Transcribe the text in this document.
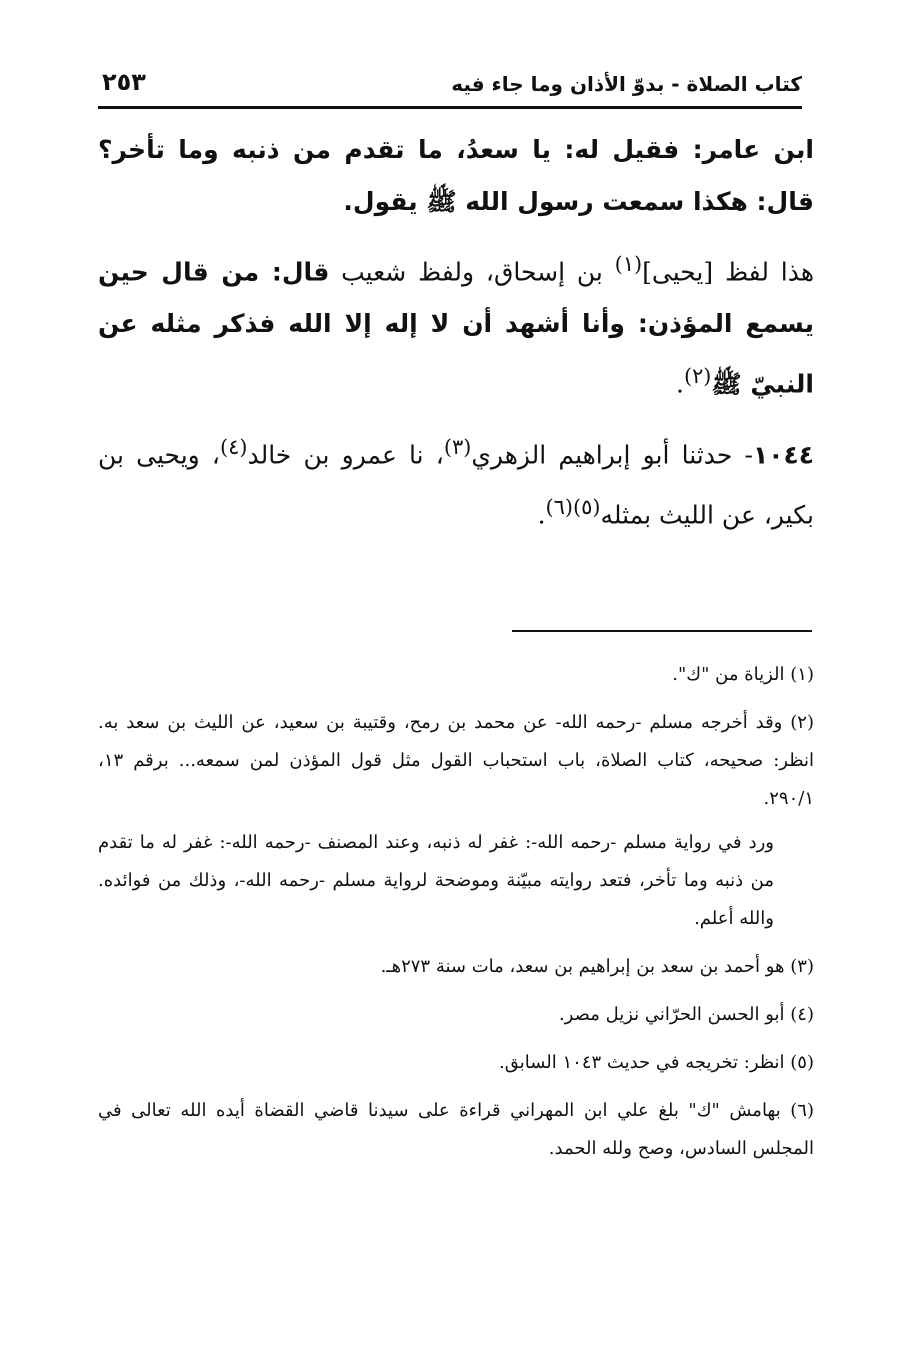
كتاب الصلاة - بدوّ الأذان وما جاء فيه
٢٥٣

ابن عامر: فقيل له: يا سعدُ، ما تقدم من ذنبه وما تأخر؟ قال: هكذا سمعت رسول الله ﷺ يقول.

هذا لفظ [يحيى]$^{(١)}$ بن إسحاق، ولفظ شعيب قال: من قال حين يسمع المؤذن: وأنا أشهد أن لا إله إلا الله فذكر مثله عن النبيّ ﷺ$^{(٢)}$.

١٠٤٤- حدثنا أبو إبراهيم الزهري$^{(٣)}$، نا عمرو بن خالد$^{(٤)}$، ويحيى بن بكير، عن الليث بمثله$^{(٥)(٦)}$.

(١) الزياة من "ك".

(٢) وقد أخرجه مسلم -رحمه الله- عن محمد بن رمح، وقتيبة بن سعيد، عن الليث بن سعد به. انظر: صحيحه، كتاب الصلاة، باب استحباب القول مثل قول المؤذن لمن سمعه... برقم ١٣، ٢٩٠/١.

ورد في رواية مسلم -رحمه الله-: غفر له ذنبه، وعند المصنف -رحمه الله-: غفر له ما تقدم من ذنبه وما تأخر، فتعد روايته مبيّنة وموضحة لرواية مسلم -رحمه الله-، وذلك من فوائده. والله أعلم.

(٣) هو أحمد بن سعد بن إبراهيم بن سعد، مات سنة ٢٧٣هـ.

(٤) أبو الحسن الحرّاني نزيل مصر.

(٥) انظر: تخريجه في حديث ١٠٤٣ السابق.

(٦) بهامش "ك" بلغ علي ابن المهراني قراءة على سيدنا قاضي القضاة أيده الله تعالى في المجلس السادس، وصح ولله الحمد.
